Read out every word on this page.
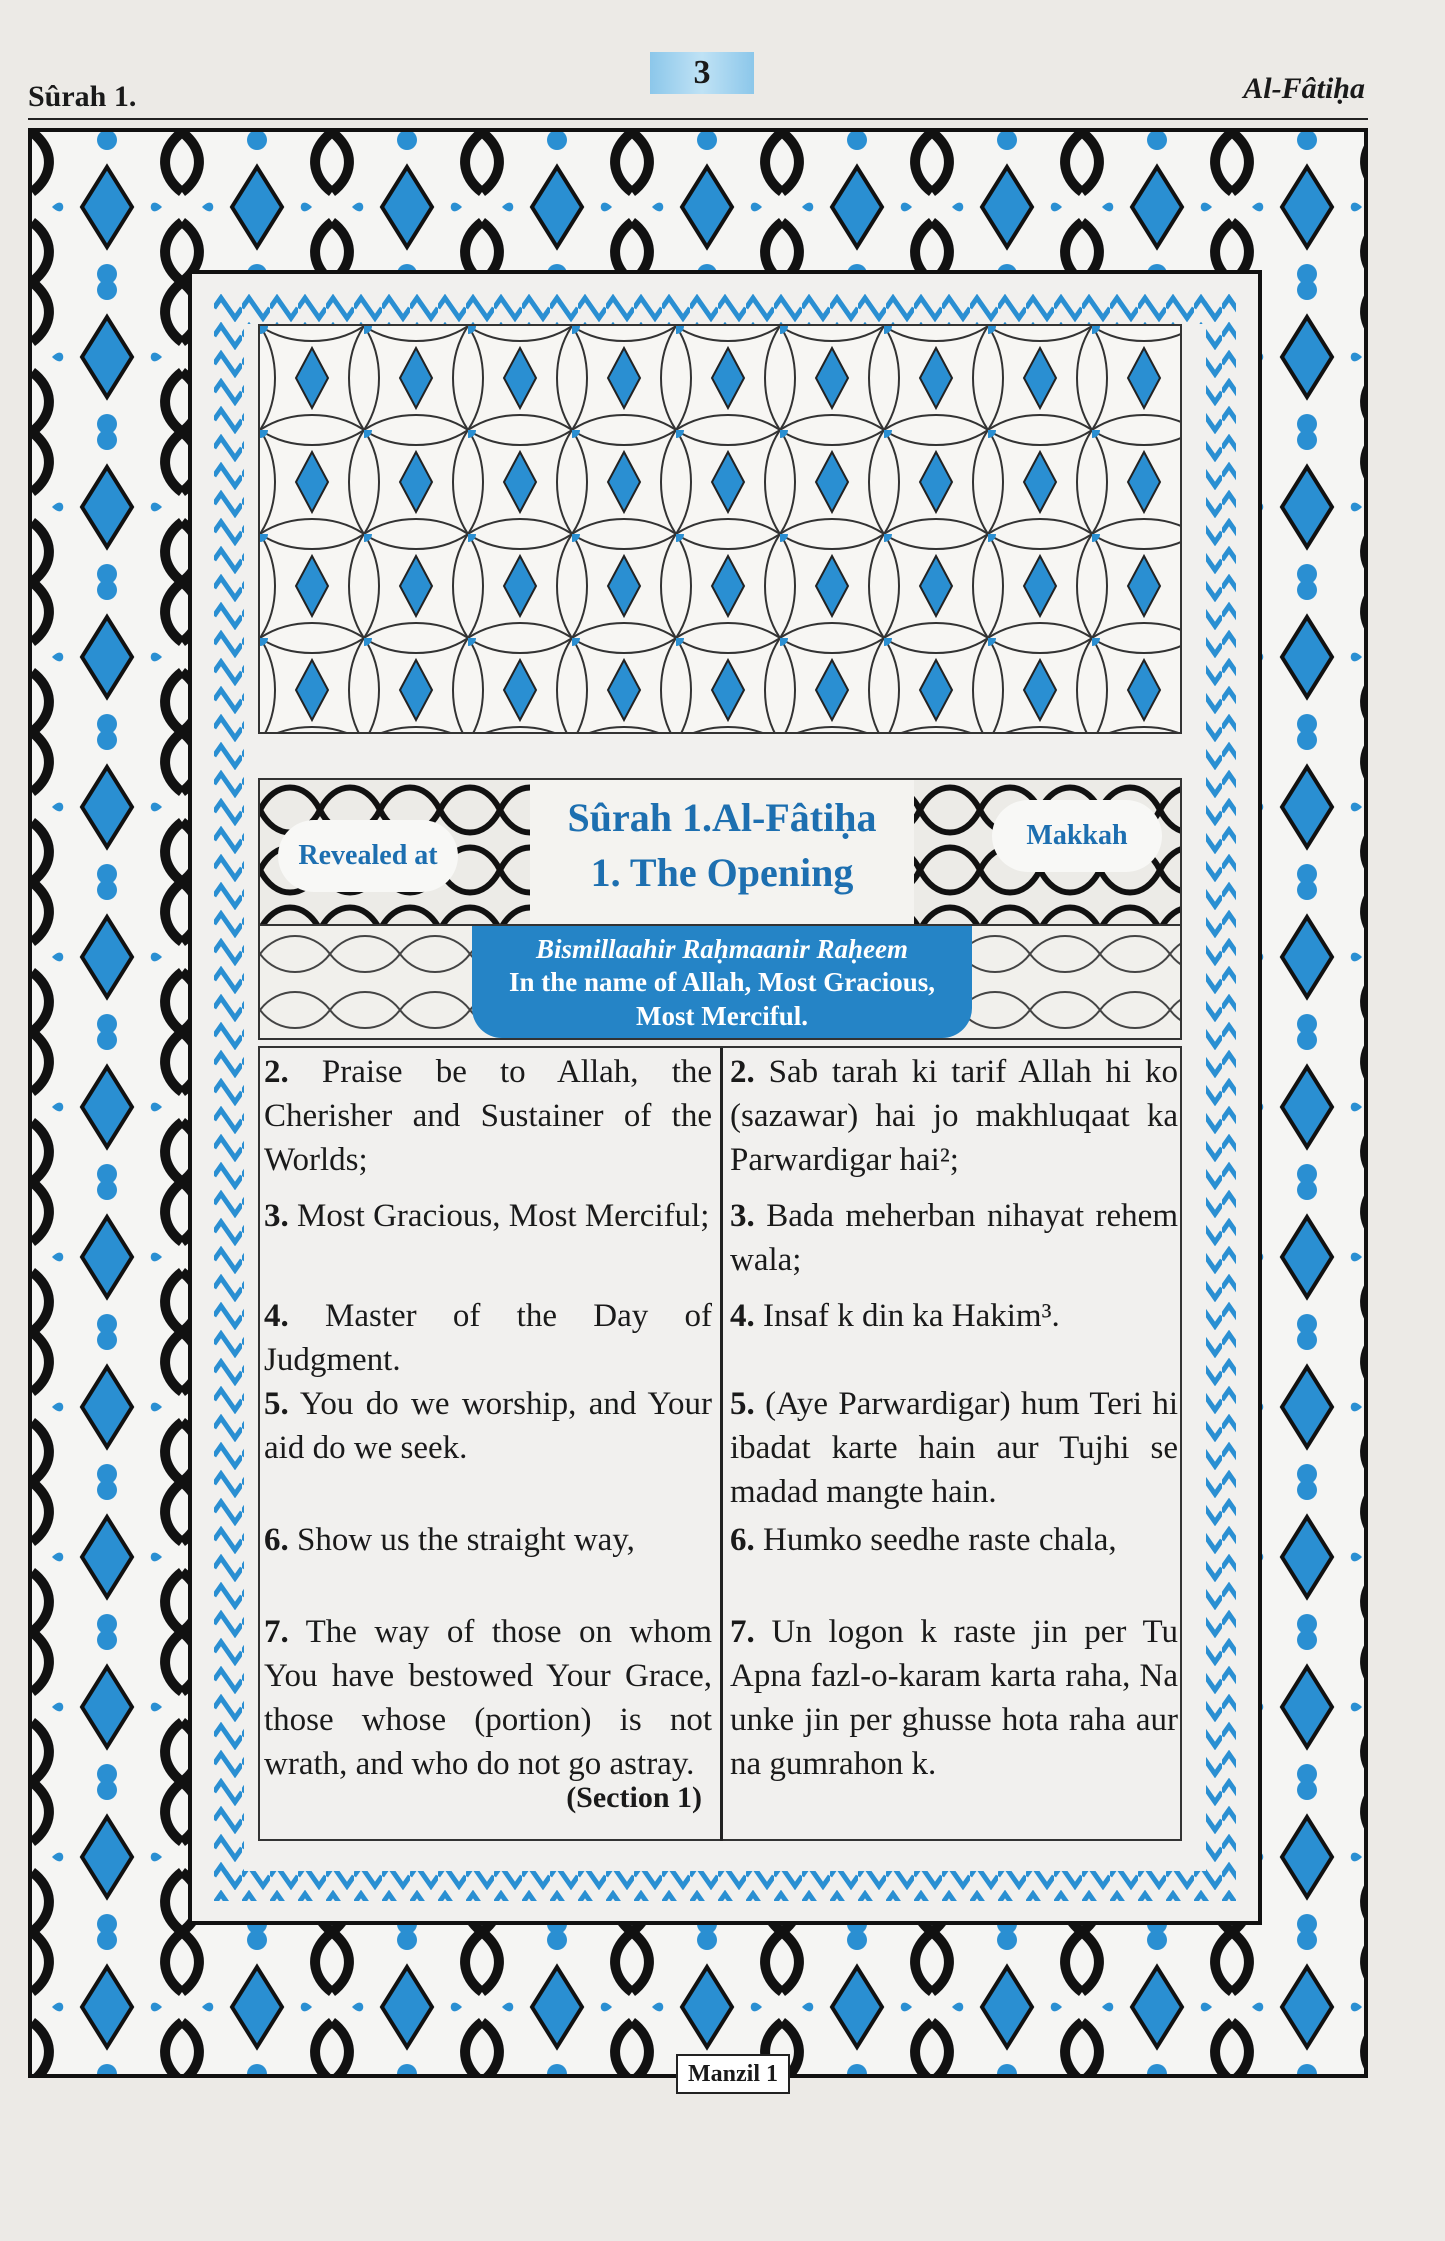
3
Sûrah 1.	Al-Fâtiḥa
Revealed at
Sûrah 1.Al-Fâtiḥa
1. The Opening
Makkah
Bismillaahir Raḥmaanir Raḥeem
In the name of Allah, Most Gracious,
Most Merciful.
2. Praise be to Allah, the Cherisher and Sustainer of the Worlds;
3. Most Gracious, Most Merciful;
4. Master of the Day of Judgment.
5. You do we worship, and Your aid do we seek.
6. Show us the straight way,
7. The way of those on whom You have bestowed Your Grace, those whose (portion) is not wrath, and who do not go astray.
(Section 1)
2. Sab tarah ki tarif Allah hi ko (sazawar) hai jo makhluqaat ka Parwardigar hai²;
3. Bada meherban nihayat rehem wala;
4. Insaf k din ka Hakim³.
5. (Aye Parwardigar) hum Teri hi ibadat karte hain aur Tujhi se madad mangte hain.
6. Humko seedhe raste chala,
7. Un logon k raste jin per Tu Apna fazl-o-karam karta raha, Na unke jin per ghusse hota raha aur na gumrahon k.
Manzil 1
